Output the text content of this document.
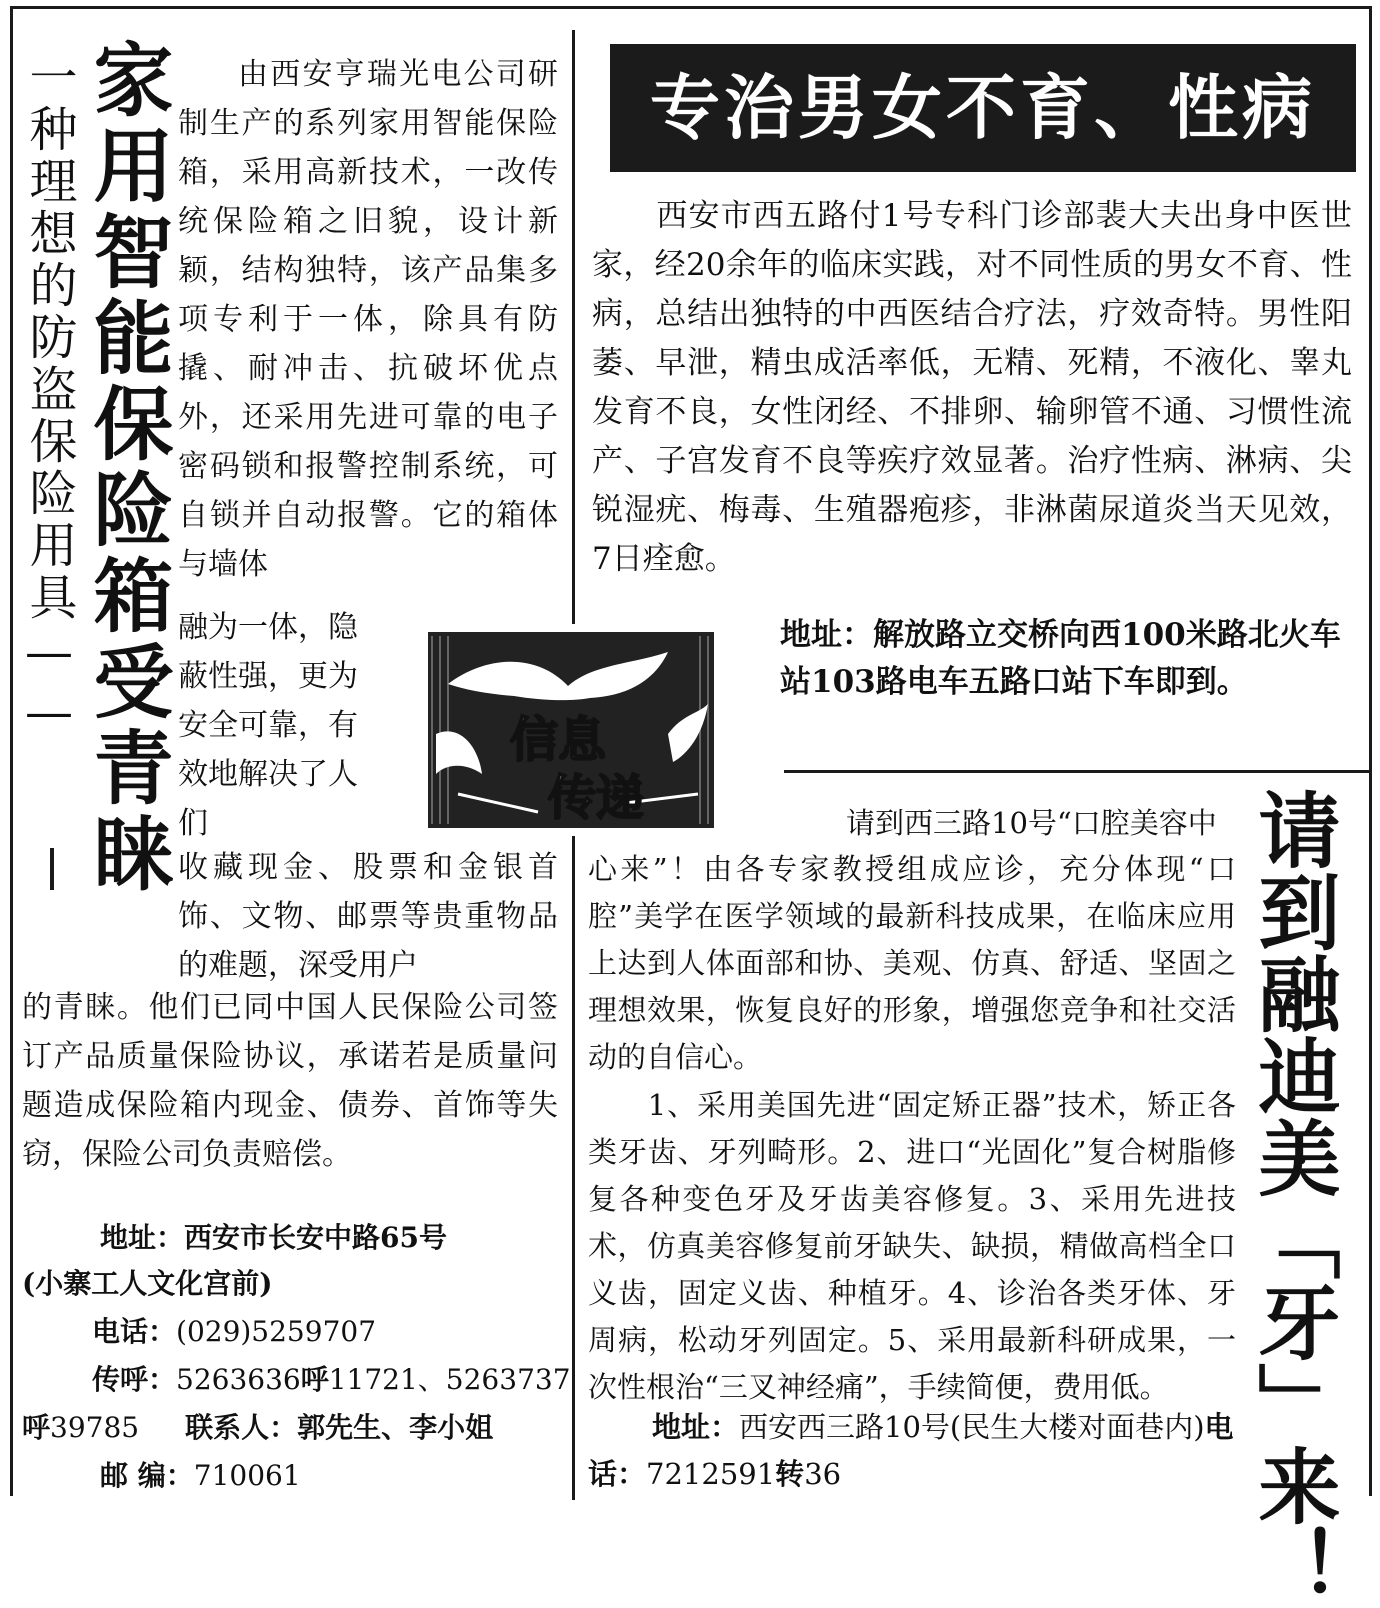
一种理想的防盗保险用具—— 家用智能保险箱受青睐	由西安亨瑞光电公司研制生产的系列家用智能保险箱，采用高新技术，一改传统保险箱之旧貌，设计新颖，结构独特，该产品集多项专利于一体，除具有防撬、耐冲击、抗破坏优点外，还采用先进可靠的电子密码锁和报警控制系统，可自锁并自动报警。它的箱体与墙体
融为一体，隐蔽性强，更为安全可靠，有效地解决了人们
收藏现金、股票和金银首饰、文物、邮票等贵重物品的难题，深受用户
的青睐。他们已同中国人民保险公司签订产品质量保险协议，承诺若是质量问题造成保险箱内现金、债券、首饰等失窃，保险公司负责赔偿。
地址：西安市长安中路65号
(小寨工人文化宫前)
电话：(029)5259707
传呼：5263636呼11721、5263737
呼39785 联系人：郭先生、李小姐
邮 编：710061
专治男女不育、性病
　　西安市西五路付1号专科门诊部裴大夫出身中医世家，经20余年的临床实践，对不同性质的男女不育、性病，总结出独特的中西医结合疗法，疗效奇特。男性阳萎、早泄，精虫成活率低，无精、死精，不液化、睾丸发育不良，女性闭经、不排卵、输卵管不通、习惯性流产、子宫发育不良等疾疗效显著。治疗性病、淋病、尖锐湿疣、梅毒、生殖器疱疹，非淋菌尿道炎当天见效，7日痊愈。
地址：解放路立交桥向西100米路北火车站103路电车五路口站下车即到。
信息
传递	请到融迪美「牙」来！
请到西三路10号“口腔美容中
心来”！由各专家教授组成应诊，充分体现“口腔”美学在医学领域的最新科技成果，在临床应用上达到人体面部和协、美观、仿真、舒适、坚固之理想效果，恢复良好的形象，增强您竞争和社交活动的自信心。
　　1、采用美国先进“固定矫正器”技术，矫正各类牙齿、牙列畸形。2、进口“光固化”复合树脂修复各种变色牙及牙齿美容修复。3、采用先进技术，仿真美容修复前牙缺失、缺损，精做高档全口义齿，固定义齿、种植牙。4、诊治各类牙体、牙周病，松动牙列固定。5、采用最新科研成果，一次性根治“三叉神经痛”，手续简便，费用低。
地址：西安西三路10号(民生大楼对面巷内)电话：7212591转36
